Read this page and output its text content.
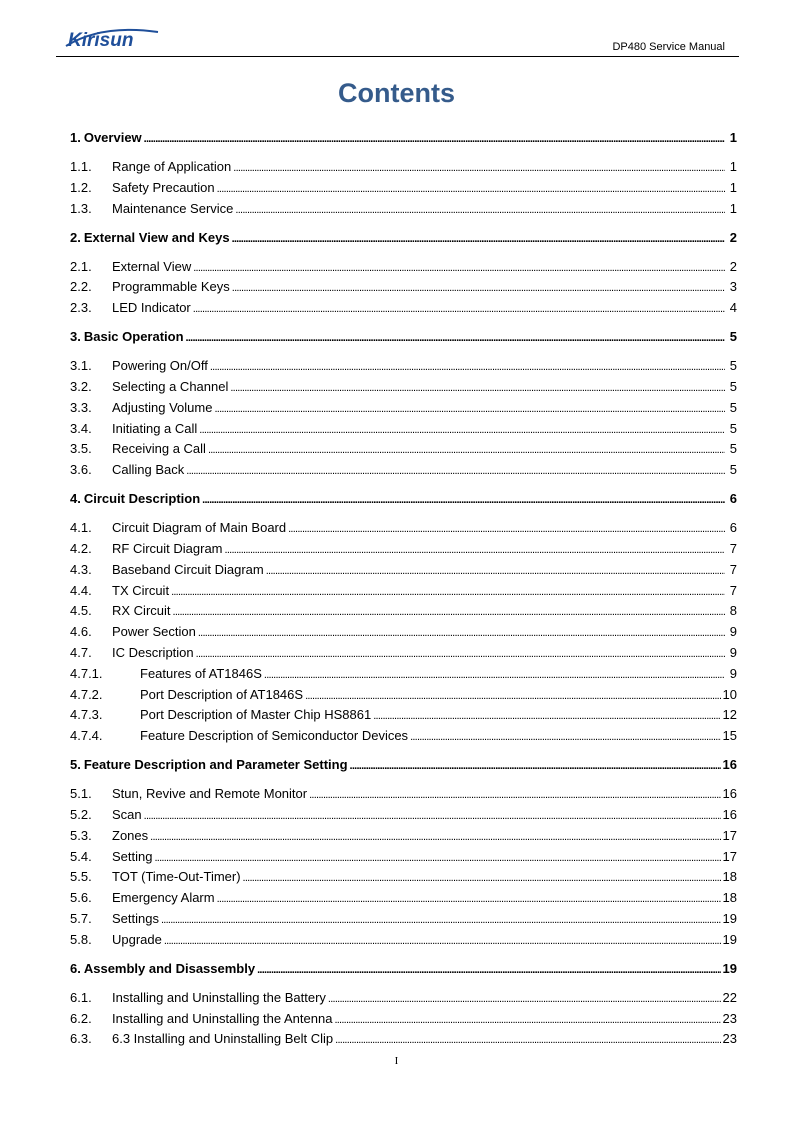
Kirisun	DP480 Service Manual
Contents
1. Overview . . .	1
1.1.	Range of Application . . .	1
1.2.	Safety Precaution . . .	1
1.3.	Maintenance Service . . .	1
2. External View and Keys . . .	2
2.1.	External View . . .	2
2.2.	Programmable Keys . . .	3
2.3.	LED Indicator . . .	4
3. Basic Operation . . .	5
3.1.	Powering On/Off . . .	5
3.2.	Selecting a Channel . . .	5
3.3.	Adjusting Volume . . .	5
3.4.	Initiating a Call . . .	5
3.5.	Receiving a Call . . .	5
3.6.	Calling Back . . .	5
4. Circuit Description . . .	6
4.1.	Circuit Diagram of Main Board . . .	6
4.2.	RF Circuit Diagram . . .	7
4.3.	Baseband Circuit Diagram . . .	7
4.4.	TX Circuit . . .	7
4.5.	RX Circuit . . .	8
4.6.	Power Section . . .	9
4.7.	IC Description . . .	9
4.7.1.	Features of AT1846S . . .	9
4.7.2.	Port Description of AT1846S . . .	10
4.7.3.	Port Description of Master Chip HS8861 . . .	12
4.7.4.	Feature Description of Semiconductor Devices . . .	15
5. Feature Description and Parameter Setting . . .	16
5.1.	Stun, Revive and Remote Monitor . . .	16
5.2.	Scan . . .	16
5.3.	Zones . . .	17
5.4.	Setting . . .	17
5.5.	TOT (Time-Out-Timer) . . .	18
5.6.	Emergency Alarm . . .	18
5.7.	Settings . . .	19
5.8.	Upgrade . . .	19
6. Assembly and Disassembly . . .	19
6.1.	Installing and Uninstalling the Battery . . .	22
6.2.	Installing and Uninstalling the Antenna . . .	23
6.3.	6.3 Installing and Uninstalling Belt Clip . . .	23
I
